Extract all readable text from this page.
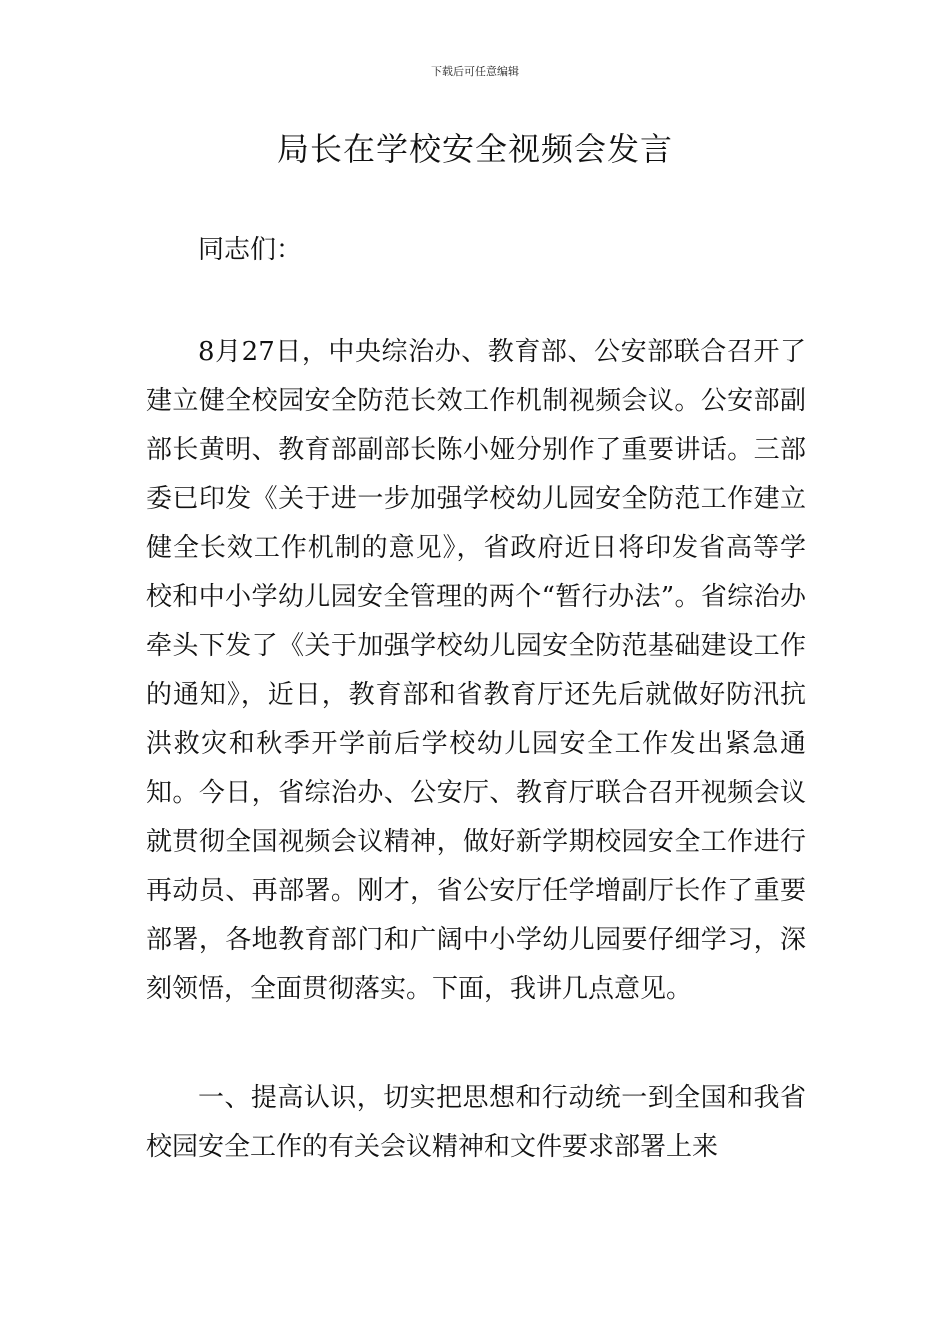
下载后可任意编辑
局长在学校安全视频会发言

同志们：

8月27日，中央综治办、教育部、公安部联合召开了建立健全校园安全防范长效工作机制视频会议。公安部副部长黄明、教育部副部长陈小娅分别作了重要讲话。三部委已印发《关于进一步加强学校幼儿园安全防范工作建立健全长效工作机制的意见》，省政府近日将印发省高等学校和中小学幼儿园安全管理的两个“暂行办法”。省综治办牵头下发了《关于加强学校幼儿园安全防范基础建设工作的通知》，近日，教育部和省教育厅还先后就做好防汛抗洪救灾和秋季开学前后学校幼儿园安全工作发出紧急通知。今日，省综治办、公安厅、教育厅联合召开视频会议就贯彻全国视频会议精神，做好新学期校园安全工作进行再动员、再部署。刚才，省公安厅任学增副厅长作了重要部署，各地教育部门和广阔中小学幼儿园要仔细学习，深刻领悟，全面贯彻落实。下面，我讲几点意见。

一、提高认识，切实把思想和行动统一到全国和我省校园安全工作的有关会议精神和文件要求部署上来
